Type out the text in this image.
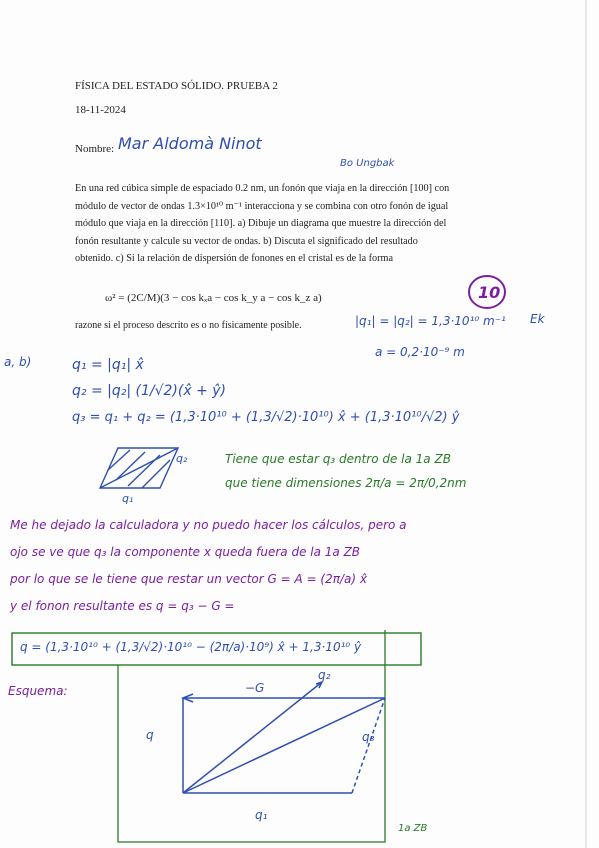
FÍSICA DEL ESTADO SÓLIDO. PRUEBA 2
18-11-2024
Nombre: Mar Aldomà Ninot
Bo Ungbak
En una red cúbica simple de espaciado 0.2 nm, un fonón que viaja en la dirección [100] con
módulo de vector de ondas 1.3×10¹⁰ m⁻¹ interacciona y se combina con otro fonón de igual
módulo que viaja en la dirección [110]. a) Dibuje un diagrama que muestre la dirección del
fonón resultante y calcule su vector de ondas. b) Discuta el significado del resultado
obtenido. c) Si la relación de dispersión de fonones en el cristal es de la forma
ω² = (2C/M)(3 − cos kₓa − cos k_y a − cos k_z a)
razone si el proceso descrito es o no físicamente posible.
10
|q₁| = |q₂| = 1,3·10¹⁰ m⁻¹ Ek
a = 0,2·10⁻⁹ m
a, b)	q₁ = |q₁| x̂
q₂ = |q₂| (1/√2)(x̂ + ŷ)
q₃ = q₁ + q₂ = (1,3·10¹⁰ + (1,3/√2)·10¹⁰) x̂ + (1,3·10¹⁰/√2) ŷ
Tiene que estar q₃ dentro de la 1a ZB
que tiene dimensiones 2π/a = 2π/0,2nm
Me he dejado la calculadora y no puedo hacer los cálculos, pero a
ojo se ve que q₃ la componente x queda fuera de la 1a ZB
por lo que se le tiene que restar un vector G = A = (2π/a) x̂
y el fonon resultante es q = q₃ − G =
q = (1,3·10¹⁰ + (1,3/√2)·10¹⁰ − (2π/a)·10⁹) x̂ + 1,3·10¹⁰ ŷ
Esquema:	−G
q₂
q	q₃
q₁
1a ZB
q₁
q₂
